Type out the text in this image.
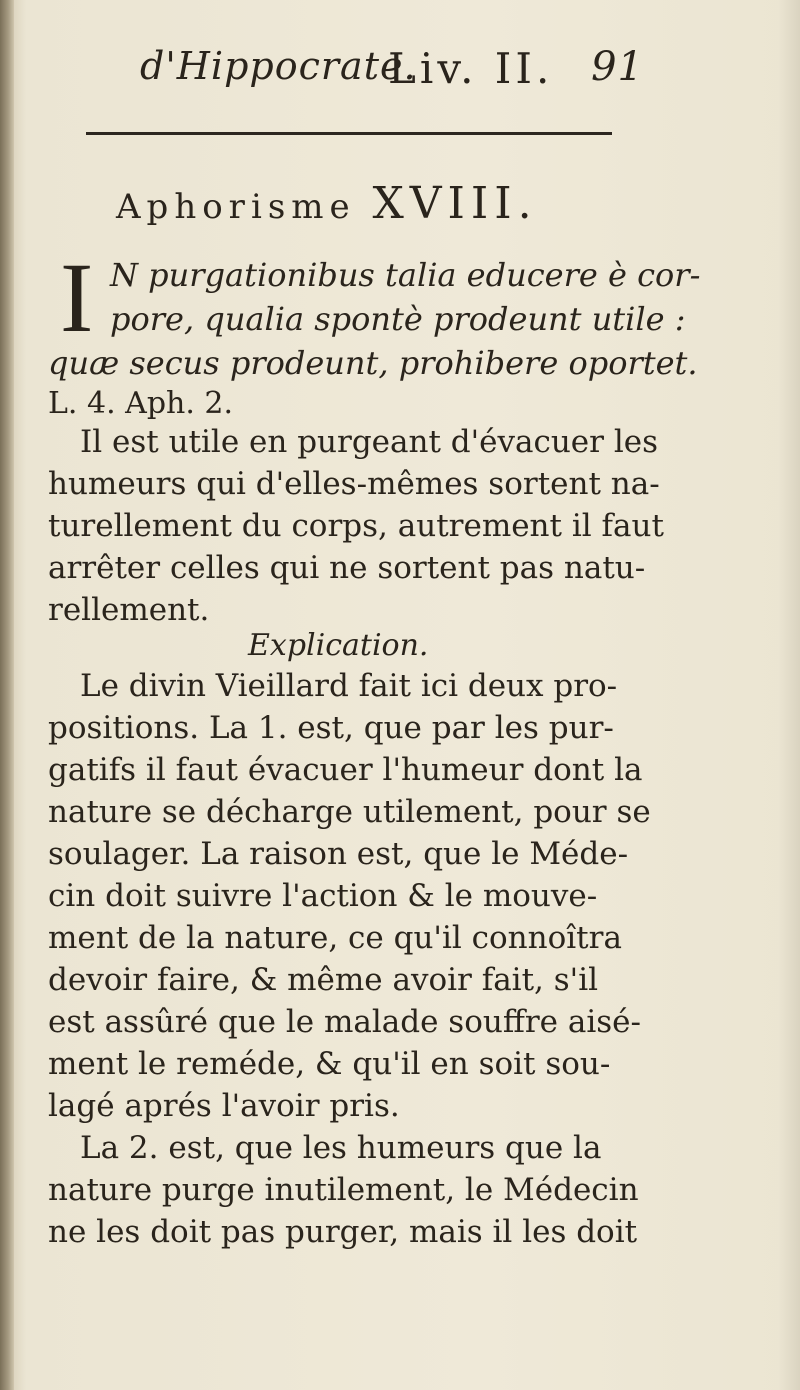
d'Hippocrate.
Liv. II. 91
Aphorisme XVIII.
I N purgationibus talia educere è cor-
pore, qualia spontè prodeunt utile :
quæ secus prodeunt, prohibere oportet.
L. 4. Aph. 2.
Il est utile en purgeant d'évacuer les
humeurs qui d'elles-mêmes sortent na-
turellement du corps, autrement il faut
arrêter celles qui ne sortent pas natu-
rellement.
Explication.
Le divin Vieillard fait ici deux pro-
positions. La 1. est, que par les pur-
gatifs il faut évacuer l'humeur dont la
nature se décharge utilement, pour se
soulager. La raison est, que le Méde-
cin doit suivre l'action & le mouve-
ment de la nature, ce qu'il connoîtra
devoir faire, & même avoir fait, s'il
est assûré que le malade souffre aisé-
ment le reméde, & qu'il en soit sou-
lagé aprés l'avoir pris.
La 2. est, que les humeurs que la
nature purge inutilement, le Médecin
ne les doit pas purger, mais il les doit
